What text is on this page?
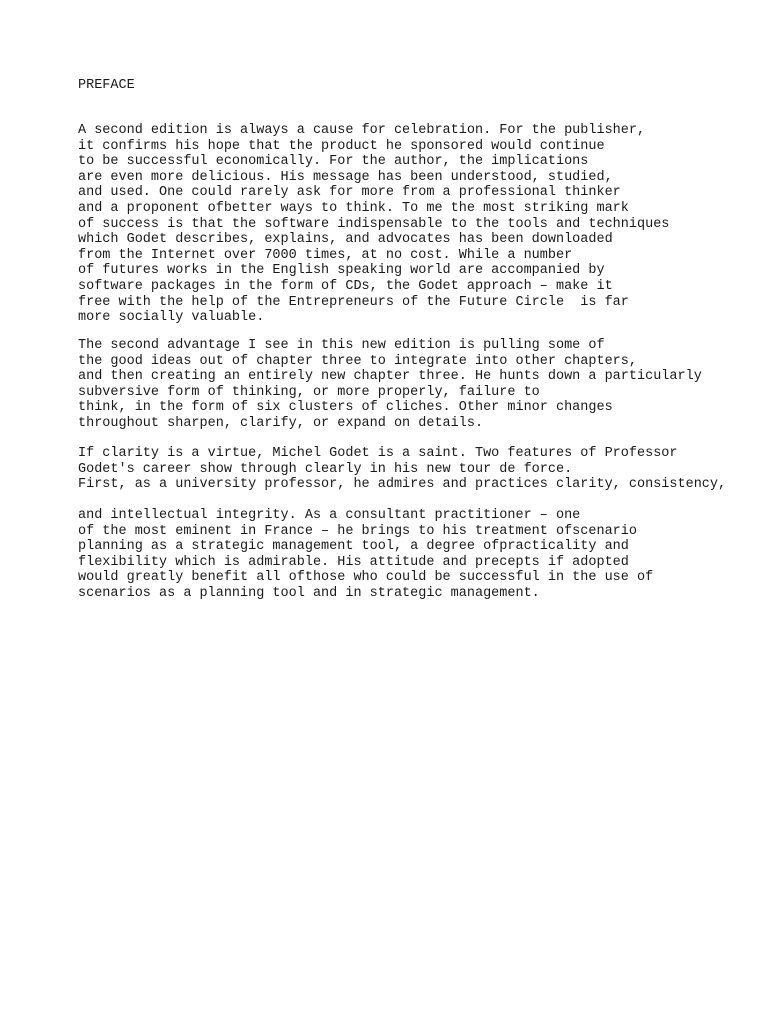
PREFACE
A second edition is always a cause for celebration. For the publisher,
it confirms his hope that the product he sponsored would continue
to be successful economically. For the author, the implications
are even more delicious. His message has been understood, studied,
and used. One could rarely ask for more from a professional thinker
and a proponent ofbetter ways to think. To me the most striking mark
of success is that the software indispensable to the tools and techniques
which Godet describes, explains, and advocates has been downloaded
from the Internet over 7000 times, at no cost. While a number
of futures works in the English speaking world are accompanied by
software packages in the form of CDs, the Godet approach – make it
free with the help of the Entrepreneurs of the Future Circle  is far
more socially valuable.
The second advantage I see in this new edition is pulling some of
the good ideas out of chapter three to integrate into other chapters,
and then creating an entirely new chapter three. He hunts down a particularly
subversive form of thinking, or more properly, failure to
think, in the form of six clusters of cliches. Other minor changes
throughout sharpen, clarify, or expand on details.
If clarity is a virtue, Michel Godet is a saint. Two features of Professor
Godet's career show through clearly in his new tour de force.
First, as a university professor, he admires and practices clarity, consistency,
and intellectual integrity. As a consultant practitioner – one
of the most eminent in France – he brings to his treatment ofscenario
planning as a strategic management tool, a degree ofpracticality and
flexibility which is admirable. His attitude and precepts if adopted
would greatly benefit all ofthose who could be successful in the use of
scenarios as a planning tool and in strategic management.
